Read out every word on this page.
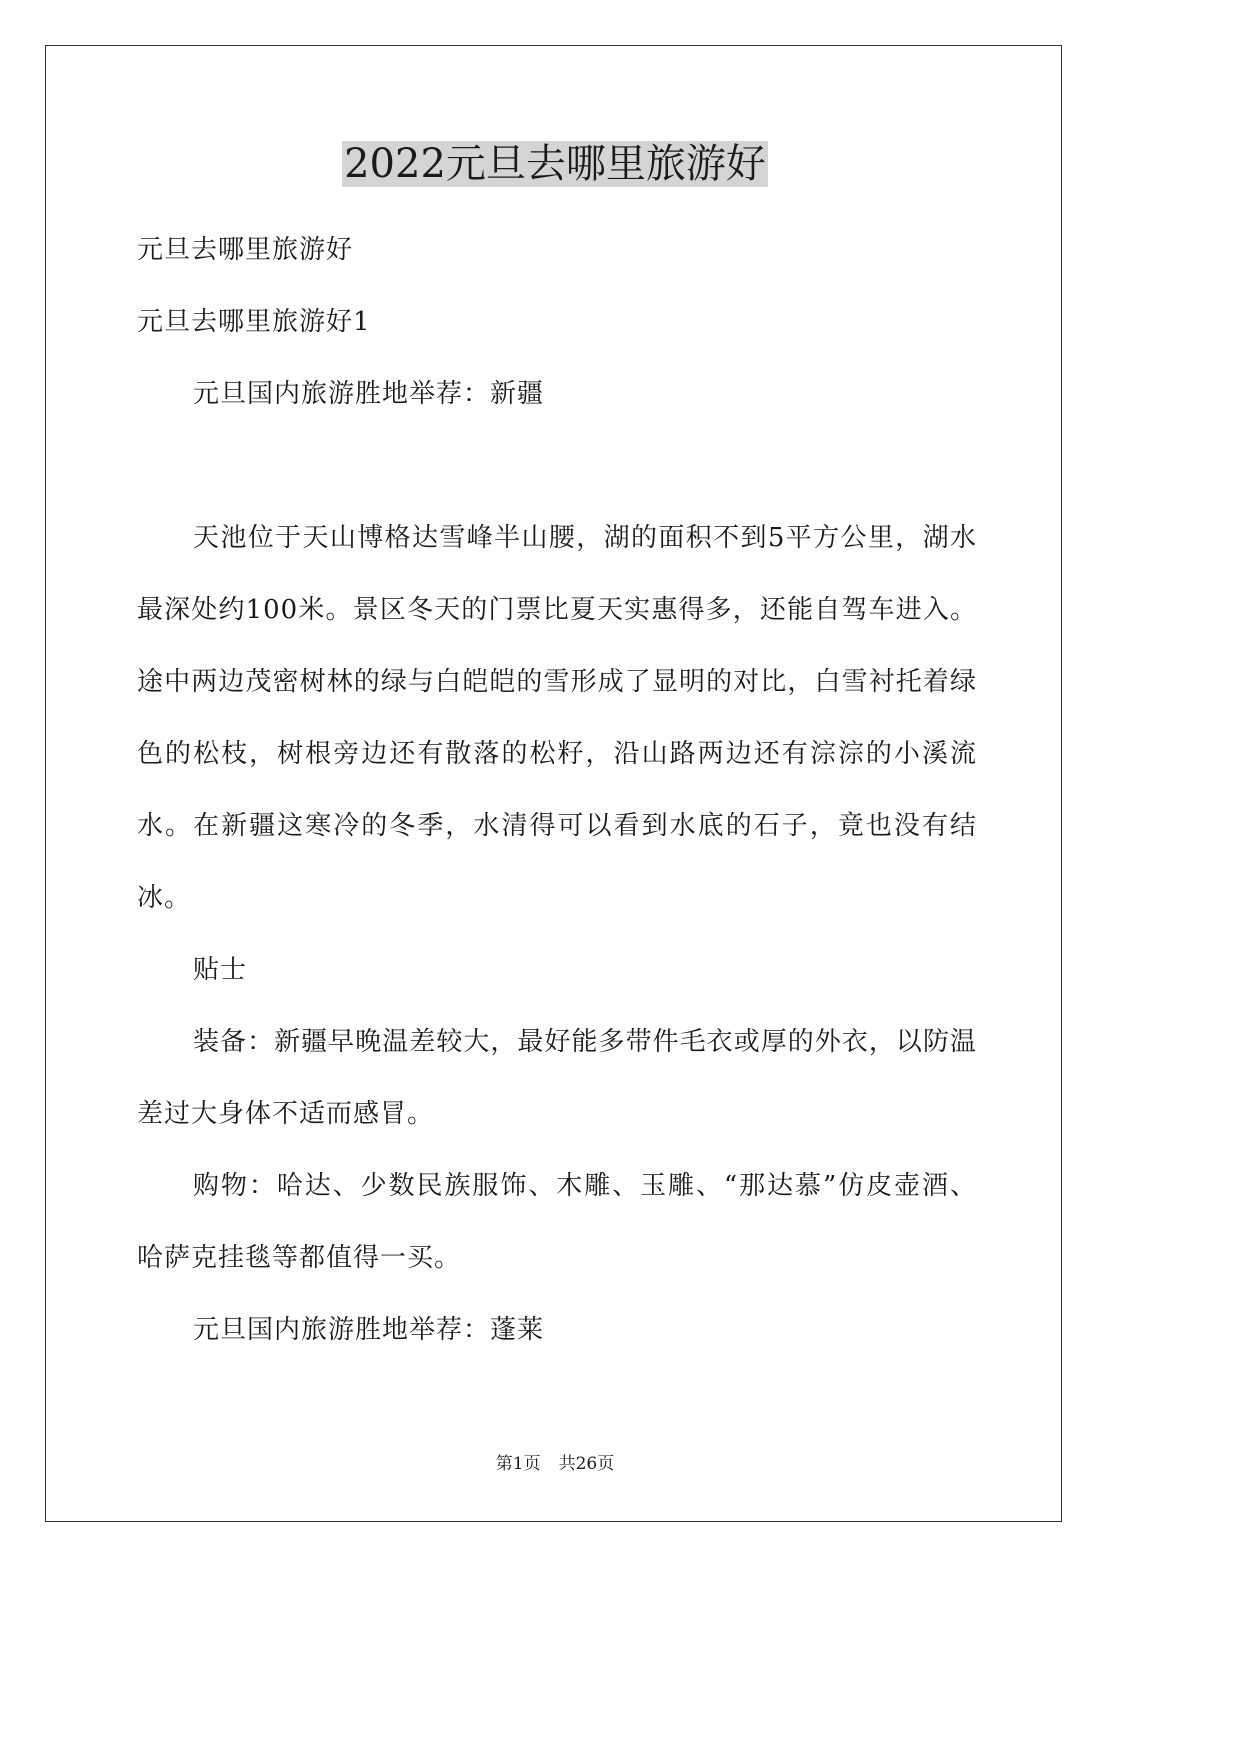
2022元旦去哪里旅游好

元旦去哪里旅游好

元旦去哪里旅游好1

元旦国内旅游胜地举荐：新疆

天池位于天山博格达雪峰半山腰，湖的面积不到5平方公里，湖水最深处约100米。景区冬天的门票比夏天实惠得多，还能自驾车进入。途中两边茂密树林的绿与白皑皑的雪形成了显明的对比，白雪衬托着绿色的松枝，树根旁边还有散落的松籽，沿山路两边还有淙淙的小溪流水。在新疆这寒冷的冬季，水清得可以看到水底的石子，竟也没有结冰。

贴士

装备：新疆早晚温差较大，最好能多带件毛衣或厚的外衣，以防温差过大身体不适而感冒。

购物：哈达、少数民族服饰、木雕、玉雕、“那达慕”仿皮壶酒、哈萨克挂毯等都值得一买。

元旦国内旅游胜地举荐：蓬莱

第1页 共26页
